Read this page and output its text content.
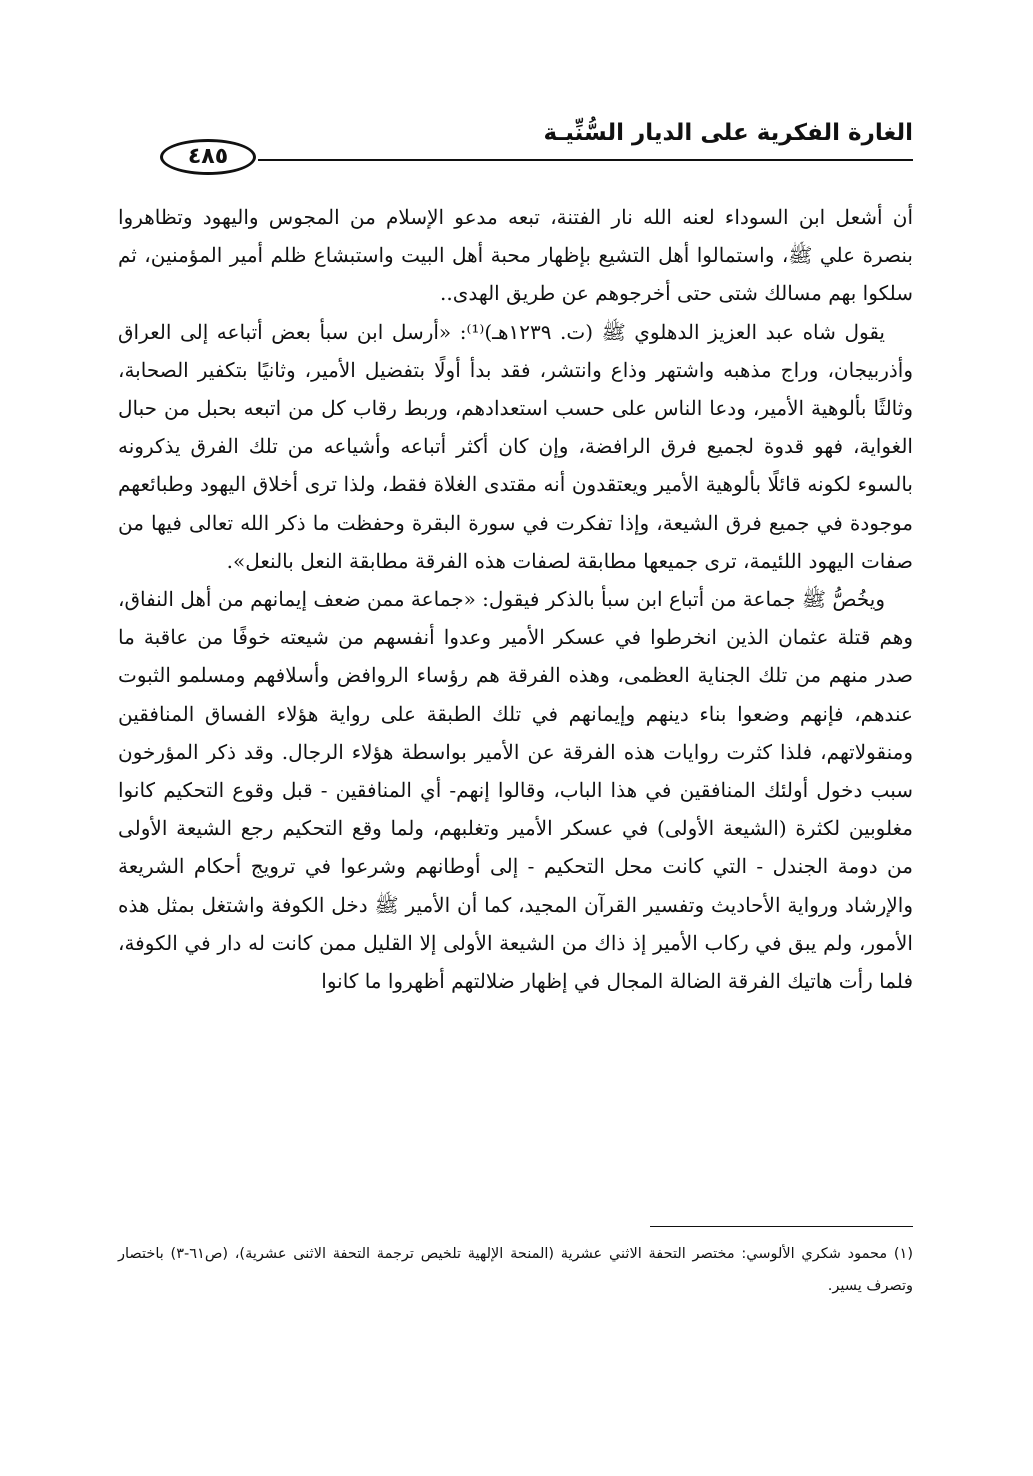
الغارة الفكرية على الديار السُّنِّيـة
٤٨٥

أن أشعل ابن السوداء لعنه الله نار الفتنة، تبعه مدعو الإسلام من المجوس واليهود وتظاهروا بنصرة علي ﷺ، واستمالوا أهل التشيع بإظهار محبة أهل البيت واستبشاع ظلم أمير المؤمنين، ثم سلكوا بهم مسالك شتى حتى أخرجوهم عن طريق الهدى..

يقول شاه عبد العزيز الدهلوي ﷺ (ت. ١٢٣٩هـ)⁽¹⁾: «أرسل ابن سبأ بعض أتباعه إلى العراق وأذربيجان، وراج مذهبه واشتهر وذاع وانتشر، فقد بدأ أولًا بتفضيل الأمير، وثانيًا بتكفير الصحابة، وثالثًا بألوهية الأمير، ودعا الناس على حسب استعدادهم، وربط رقاب كل من اتبعه بحبل من حبال الغواية، فهو قدوة لجميع فرق الرافضة، وإن كان أكثر أتباعه وأشياعه من تلك الفرق يذكرونه بالسوء لكونه قائلًا بألوهية الأمير ويعتقدون أنه مقتدى الغلاة فقط، ولذا ترى أخلاق اليهود وطبائعهم موجودة في جميع فرق الشيعة، وإذا تفكرت في سورة البقرة وحفظت ما ذكر الله تعالى فيها من صفات اليهود اللئيمة، ترى جميعها مطابقة لصفات هذه الفرقة مطابقة النعل بالنعل».

ويخُصُّ ﷺ جماعة من أتباع ابن سبأ بالذكر فيقول: «جماعة ممن ضعف إيمانهم من أهل النفاق، وهم قتلة عثمان الذين انخرطوا في عسكر الأمير وعدوا أنفسهم من شيعته خوفًا من عاقبة ما صدر منهم من تلك الجناية العظمى، وهذه الفرقة هم رؤساء الروافض وأسلافهم ومسلمو الثبوت عندهم، فإنهم وضعوا بناء دينهم وإيمانهم في تلك الطبقة على رواية هؤلاء الفساق المنافقين ومنقولاتهم، فلذا كثرت روايات هذه الفرقة عن الأمير بواسطة هؤلاء الرجال. وقد ذكر المؤرخون سبب دخول أولئك المنافقين في هذا الباب، وقالوا إنهم- أي المنافقين - قبل وقوع التحكيم كانوا مغلوبين لكثرة (الشيعة الأولى) في عسكر الأمير وتغلبهم، ولما وقع التحكيم رجع الشيعة الأولى من دومة الجندل - التي كانت محل التحكيم - إلى أوطانهم وشرعوا في ترويج أحكام الشريعة والإرشاد ورواية الأحاديث وتفسير القرآن المجيد، كما أن الأمير ﷺ دخل الكوفة واشتغل بمثل هذه الأمور، ولم يبق في ركاب الأمير إذ ذاك من الشيعة الأولى إلا القليل ممن كانت له دار في الكوفة، فلما رأت هاتيك الفرقة الضالة المجال في إظهار ضلالتهم أظهروا ما كانوا

(١) محمود شكري الألوسي: مختصر التحفة الاثني عشرية (المنحة الإلهية تلخيص ترجمة التحفة الاثنى عشرية)، (ص٦١-٣) باختصار وتصرف يسير.
